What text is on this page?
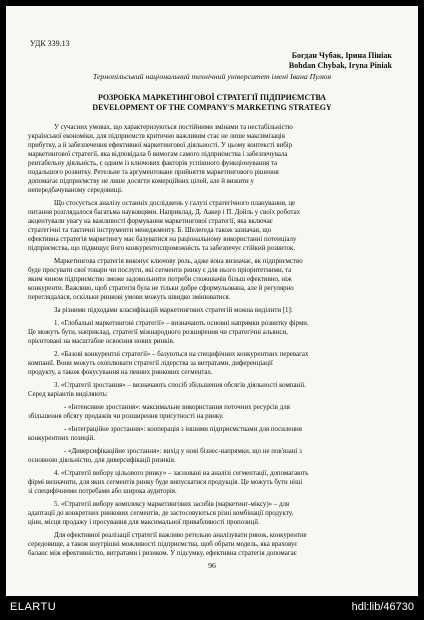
УДК 339.13
Богдан Чубак, Ірина Пініак
Bohdan Chybak, Iryna Piniak
Тернопільський національний технічний університет імені Івана Пулюя
РОЗРОБКА МАРКЕТИНГОВОЇ СТРАТЕГІЇ ПІДПРИЄМСТВА
DEVELOPMENT OF THE COMPANY'S MARKETING STRATEGY
У сучасних умовах, що характеризуються постійними змінами та нестабільністю
української економіки, для підприємств критично важливим стає не лише максимізація
прибутку, а й забезпечення ефективної маркетингової діяльності. У цьому контексті вибір
маркетингової стратегії, яка відповідала б вимогам самого підприємства і забезпечувала
рентабельну діяльність, є одним із ключових факторів успішного функціонування та
подальшого розвитку. Ретельне та аргументоване прийняття маркетингового рішення
допомагає підприємству не лише досягти комерційних цілей, але й вижити у
непередбачуваному середовищі.
Що стосується аналізу останніх досліджень у галузі стратегічного планування, це
питання розглядалося багатьма науковцями. Наприклад, Д. Аакер і П. Дойль у своїх роботах
акцентували увагу на важливості формування маркетингової стратегії, яка включає
стратегічні та тактичні інструменти менеджменту. Б. Шелегеда також зазначав, що
ефективна стратегія маркетингу має базуватися на раціональному використанні потенціалу
підприємства, що підвищує його конкурентоспроможність та забезпечує стійкий розвиток.
Маркетингова стратегія виконує ключову роль, адже вона визначає, як підприємство
буде просувати свої товари чи послуги, які сегменти ринку є для нього пріоритетними, та
яким чином підприємство зможе задовольнити потреби споживачів більш ефективно, ніж
конкуренти. Важливо, щоб стратегія була не тільки добре сформульована, але й регулярно
переглядалася, оскільки ринкові умови можуть швидко змінюватися.
За різними підходами класифікацій маркетингових стратегій можна виділити [1]:
1. «Глобальні маркетингові стратегії» – визначають основні напрямки розвитку фірми.
Це можуть бути, наприклад, стратегії міжнародного розширення чи стратегічні альянси,
орієнтовані на масштабне освоєння нових ринків.
2. «Базові конкурентні стратегії» – базуються на специфічних конкурентних перевагах
компанії. Вони можуть охоплювати стратегії лідерства за витратами, диференціації
продукту, а також фокусування на певних ринкових сегментах.
3. «Стратегії зростання» – визначають спосіб збільшення обсягів діяльності компанії.
Серед варіантів виділяють:
- «Інтенсивне зростання»: максимальне використання поточних ресурсів для
збільшення обсягу продажів чи розширення присутності на ринку.
- «Інтеграційне зростання»: кооперація з іншими підприємствами для посилення
конкурентних позицій.
- «Диверсифікаційне зростання»: вихід у нові бізнес-напрямки, що не пов'язані з
основною діяльністю, для диверсифікації ризиків.
4. «Стратегії вибору цільового ринку» – засновані на аналізі сегментації, допомагають
фірмі визначити, для яких сегментів ринку буде випускатися продукція. Це можуть бути ніші
зі специфічними потребами або широка аудиторія.
5. «Стратегії вибору комплексу маркетингових засобів (маркетинг-міксу)» – для
адаптації до конкретних ринкових сегментів, де застосовуються різні комбінації продукту,
ціни, місця продажу і просування для максимальної привабливості пропозиції.
Для ефективної реалізації стратегії важливо ретельно аналізувати ринок, конкурентне
середовище, а також внутрішні можливості підприємства, щоб обрати модель, яка враховує
баланс між ефективністю, витратами і ризиком. У підсумку, ефективна стратегія допомагає
96
ELARTU	hdl:lib/46730
